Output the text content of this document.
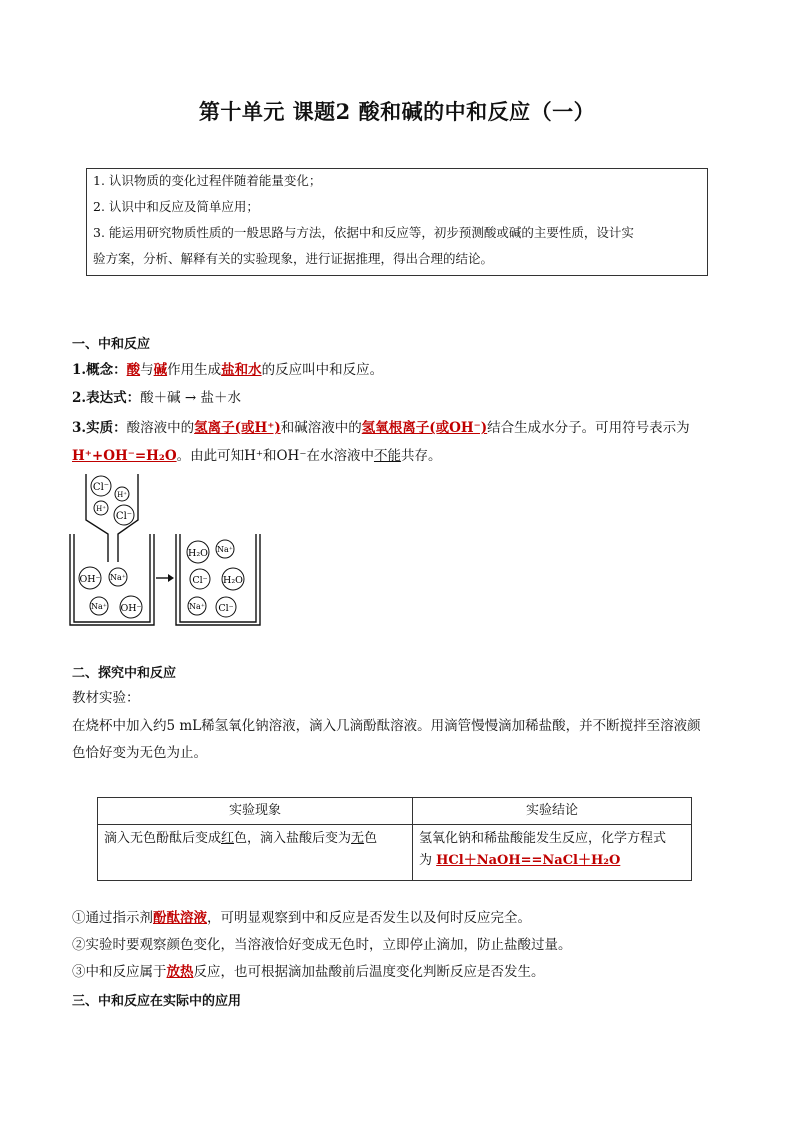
第十单元 课题2 酸和碱的中和反应（一）
1. 认识物质的变化过程伴随着能量变化；
2. 认识中和反应及简单应用；
3. 能运用研究物质性质的一般思路与方法，依据中和反应等，初步预测酸或碱的主要性质，设计实
验方案，分析、解释有关的实验现象，进行证据推理，得出合理的结论。
一、中和反应
1.概念：酸与碱作用生成盐和水的反应叫中和反应。
2.表达式：酸＋碱 → 盐＋水
3.实质：酸溶液中的氢离子(或H⁺)和碱溶液中的氢氧根离子(或OH⁻)结合生成水分子。可用符号表示为
H⁺+OH⁻=H₂O。由此可知H⁺和OH⁻在水溶液中不能共存。
Cl⁻
H⁺
H⁺
Cl⁻
OH⁻ Na⁺
Na⁺ OH⁻
H₂O Na⁺
Cl⁻ H₂O
Na⁺ Cl⁻
二、探究中和反应
教材实验：
在烧杯中加入约5 mL稀氢氧化钠溶液，滴入几滴酚酞溶液。用滴管慢慢滴加稀盐酸，并不断搅拌至溶液颜
色恰好变为无色为止。
实验现象	实验结论
滴入无色酚酞后变成红色，滴入盐酸后变为无色	氢氧化钠和稀盐酸能发生反应，化学方程式
为 HCl＋NaOH==NaCl＋H₂O
①通过指示剂酚酞溶液，可明显观察到中和反应是否发生以及何时反应完全。
②实验时要观察颜色变化，当溶液恰好变成无色时，立即停止滴加，防止盐酸过量。
③中和反应属于放热反应，也可根据滴加盐酸前后温度变化判断反应是否发生。
三、中和反应在实际中的应用
